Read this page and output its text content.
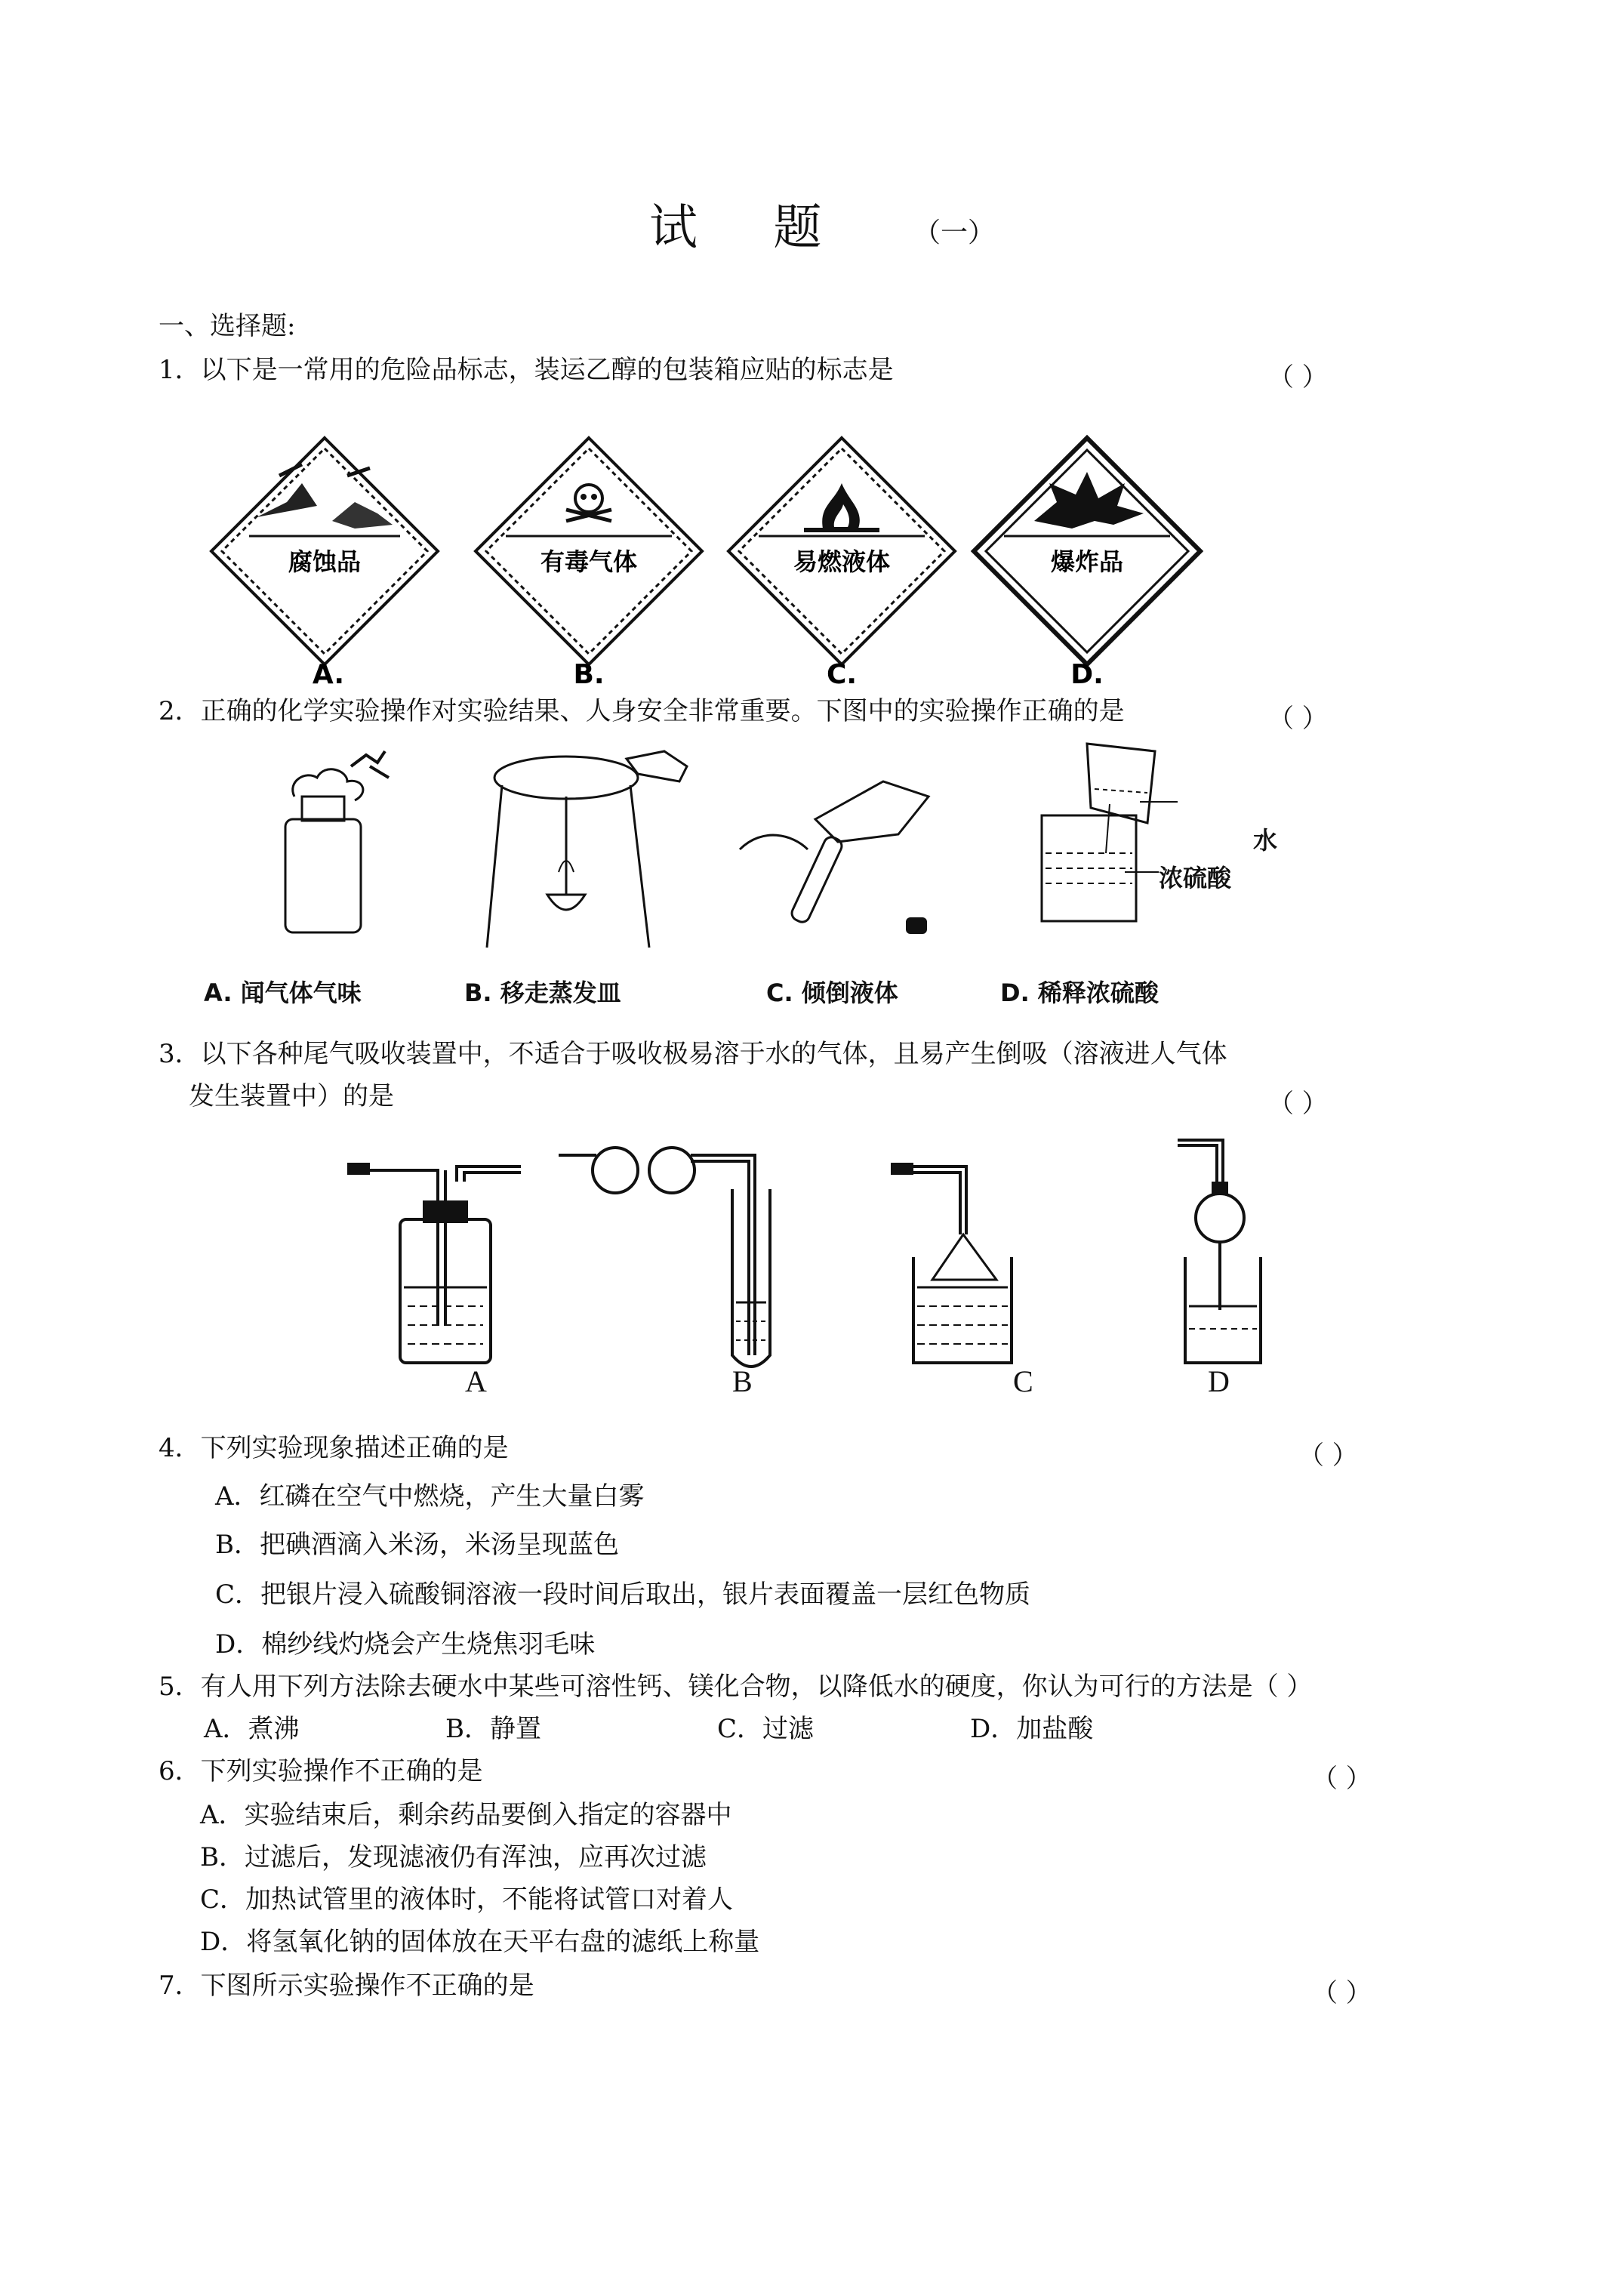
试 题 （一）
一、选择题:
1．以下是一常用的危险品标志，装运乙醇的包装箱应贴的标志是	（ ）
腐蚀品
A.
有毒气体
B.
易燃液体
C.
爆炸品
D.
2．正确的化学实验操作对实验结果、人身安全非常重要。下图中的实验操作正确的是	（ ）
水
浓硫酸
A. 闻气体气味	B. 移走蒸发皿	C. 倾倒液体	D. 稀释浓硫酸
3．以下各种尾气吸收装置中，不适合于吸收极易溶于水的气体，且易产生倒吸（溶液进人气体
发生装置中）的是	（ ）
A	B	C	D
4．下列实验现象描述正确的是	（ ）
A．红磷在空气中燃烧，产生大量白雾
B．把碘酒滴入米汤，米汤呈现蓝色
C．把银片浸入硫酸铜溶液一段时间后取出，银片表面覆盖一层红色物质
D．棉纱线灼烧会产生烧焦羽毛味
5．有人用下列方法除去硬水中某些可溶性钙、镁化合物，以降低水的硬度，你认为可行的方法是（ ）
A．煮沸	B．静置	C．过滤	D．加盐酸
6．下列实验操作不正确的是	（ ）
A．实验结束后，剩余药品要倒入指定的容器中
B．过滤后，发现滤液仍有浑浊，应再次过滤
C．加热试管里的液体时，不能将试管口对着人
D．将氢氧化钠的固体放在天平右盘的滤纸上称量
7．下图所示实验操作不正确的是	（ ）
